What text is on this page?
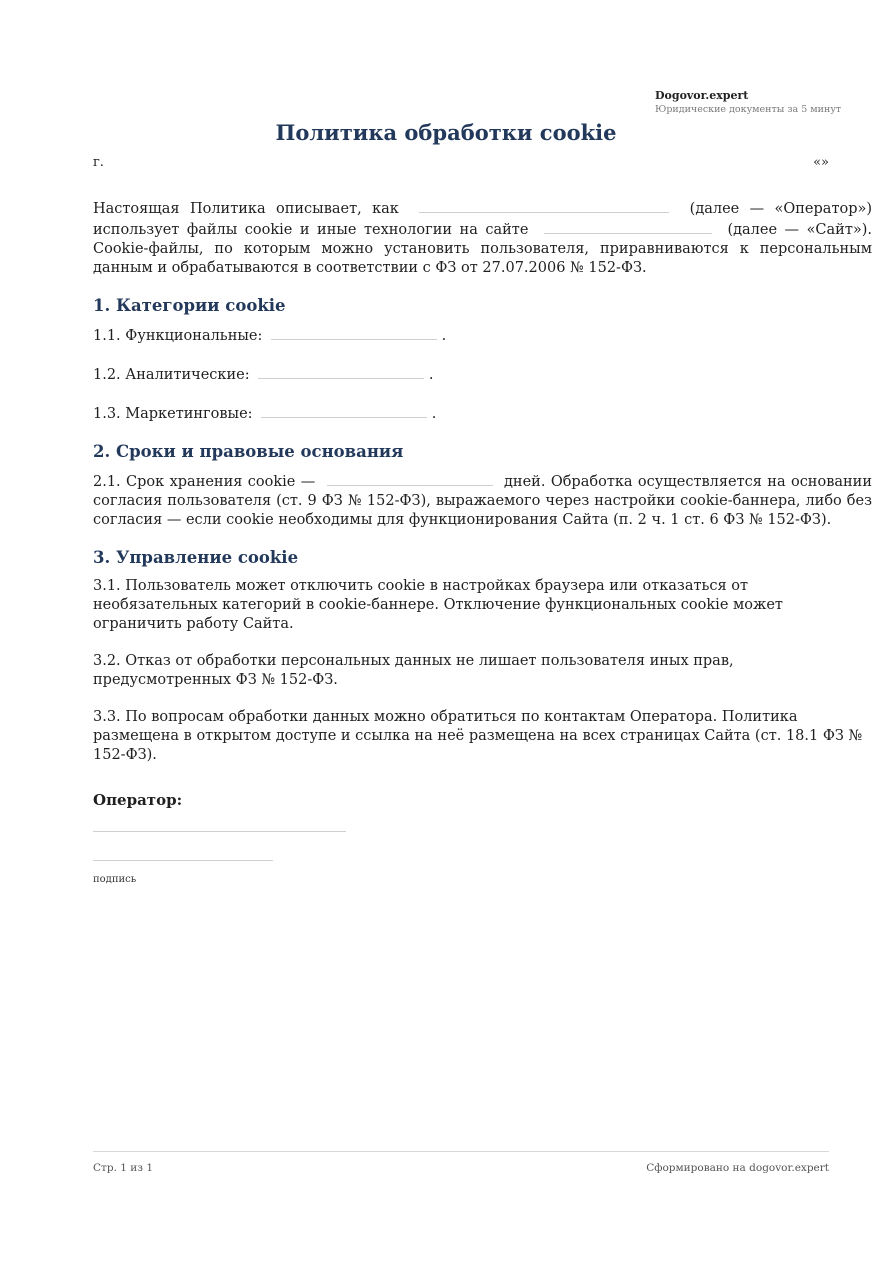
Dogovor.expert
Юридические документы за 5 минут
Политика обработки cookie
г.	«»

Настоящая Политика описывает, как	(далее — «Оператор») использует файлы cookie и иные технологии на сайте	(далее — «Сайт»). Cookie-файлы, по которым можно установить пользователя, приравниваются к персональным данным и обрабатываются в соответствии с ФЗ от 27.07.2006 № 152-ФЗ.

1. Категории cookie

1.1. Функциональные:	.

1.2. Аналитические:	.

1.3. Маркетинговые:	.

2. Сроки и правовые основания

2.1. Срок хранения cookie —	дней. Обработка осуществляется на основании согласия пользователя (ст. 9 ФЗ № 152-ФЗ), выражаемого через настройки cookie-баннера, либо без согласия — если cookie необходимы для функционирования Сайта (п. 2 ч. 1 ст. 6 ФЗ № 152-ФЗ).

3. Управление cookie

3.1. Пользователь может отключить cookie в настройках браузера или отказаться от необязательных категорий в cookie-баннере. Отключение функциональных cookie может ограничить работу Сайта.

3.2. Отказ от обработки персональных данных не лишает пользователя иных прав, предусмотренных ФЗ № 152-ФЗ.

3.3. По вопросам обработки данных можно обратиться по контактам Оператора. Политика размещена в открытом доступе и ссылка на неё размещена на всех страницах Сайта (ст. 18.1 ФЗ № 152-ФЗ).

Оператор:
подпись
Стр. 1 из 1	Сформировано на dogovor.expert
